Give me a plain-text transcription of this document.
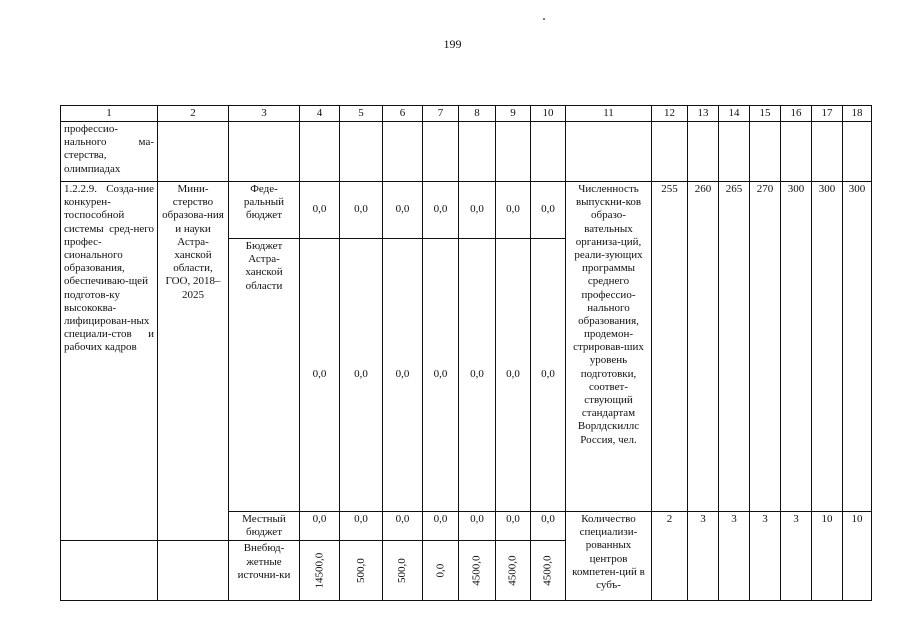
199
1	2	3	4	5	6	7	8	9	10	11	12	13	14	15	16	17	18
профессио-нального ма-стерства, олимпиадах																	
1.2.2.9. Созда-ние конкурен-тоспособной системы сред-него профес-сионального образования, обеспечиваю-щей подготов-ку высококва-лифицирован-ных специали-стов и рабочих кадров	Мини-стерство образова-ния и науки Астра-ханской области, ГОО, 2018–2025	Феде-ральный бюджет	0,0	0,0	0,0	0,0	0,0	0,0	0,0	Численность выпускни-ков образо-вательных организа-ций, реали-зующих программы среднего профессио-нального образования, продемон-стрировав-ших уровень подготовки, соответ-ствующий стандартам Ворлдскиллс Россия, чел.	255	260	265	270	300	300	300
		Бюджет Астра-ханской области	0,0	0,0	0,0	0,0	0,0	0,0	0,0								
		Местный бюджет	0,0	0,0	0,0	0,0	0,0	0,0	0,0	Количество специализи-рованных центров компетен-ций в субъ-	2	3	3	3	3	10	10
		Внебюд-жетные источни-ки	14500,0	500,0	500,0	0,0	4500,0	4500,0	4500,0								
